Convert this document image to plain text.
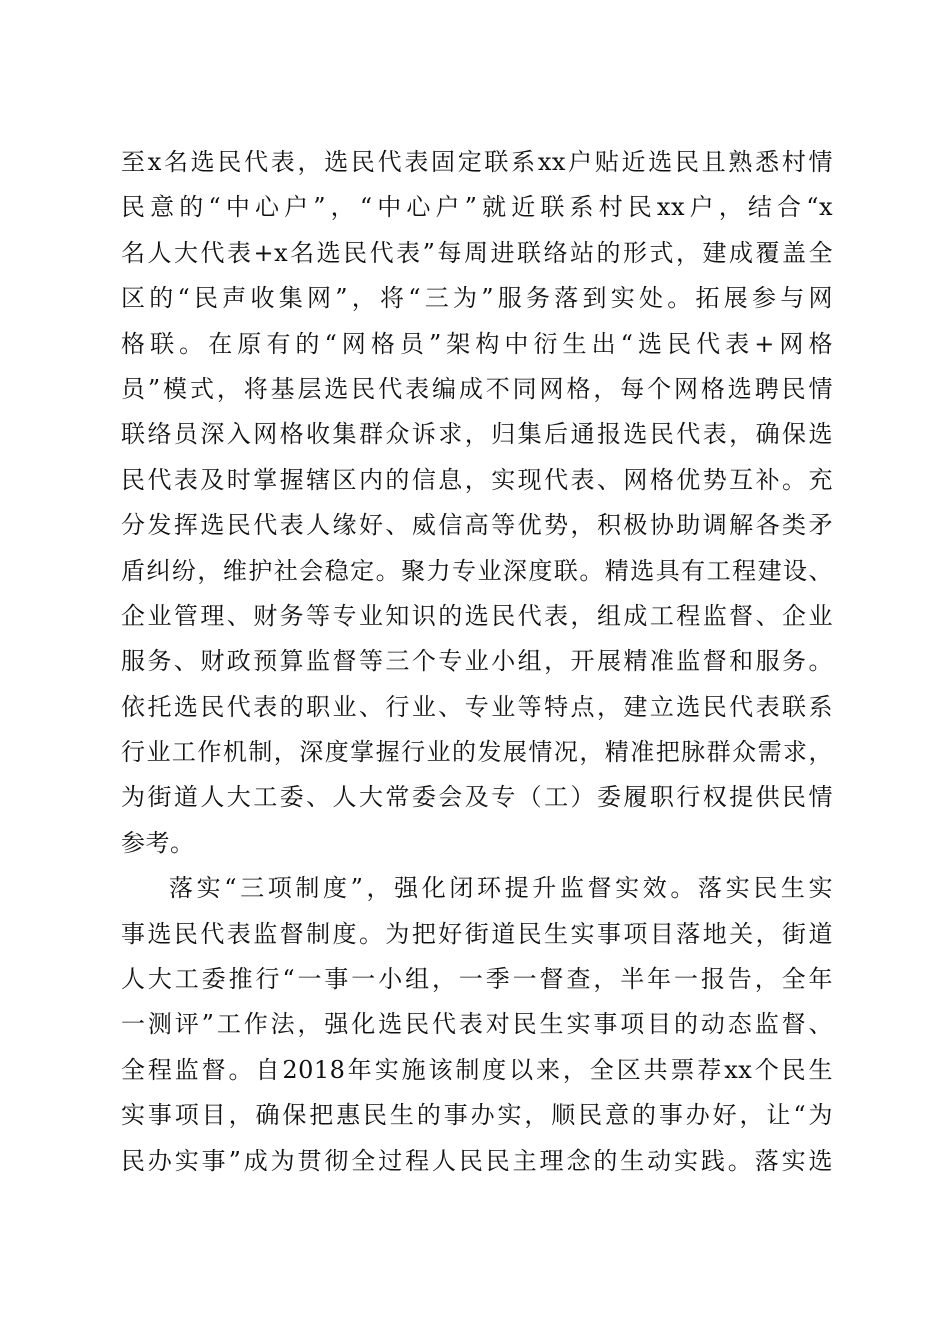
至x名选民代表，选民代表固定联系xx户贴近选民且熟悉村情
民意的“中心户”，“中心户”就近联系村民xx户，结合“x
名人大代表+x名选民代表”每周进联络站的形式，建成覆盖全
区的“民声收集网”，将“三为”服务落到实处。拓展参与网
格联。在原有的“网格员”架构中衍生出“选民代表+网格
员”模式，将基层选民代表编成不同网格，每个网格选聘民情
联络员深入网格收集群众诉求，归集后通报选民代表，确保选
民代表及时掌握辖区内的信息，实现代表、网格优势互补。充
分发挥选民代表人缘好、威信高等优势，积极协助调解各类矛
盾纠纷，维护社会稳定。聚力专业深度联。精选具有工程建设、
企业管理、财务等专业知识的选民代表，组成工程监督、企业
服务、财政预算监督等三个专业小组，开展精准监督和服务。
依托选民代表的职业、行业、专业等特点，建立选民代表联系
行业工作机制，深度掌握行业的发展情况，精准把脉群众需求，
为街道人大工委、人大常委会及专（工）委履职行权提供民情
参考。
落实“三项制度”，强化闭环提升监督实效。落实民生实
事选民代表监督制度。为把好街道民生实事项目落地关，街道
人大工委推行“一事一小组，一季一督查，半年一报告，全年
一测评”工作法，强化选民代表对民生实事项目的动态监督、
全程监督。自2018年实施该制度以来，全区共票荐xx个民生
实事项目，确保把惠民生的事办实，顺民意的事办好，让“为
民办实事”成为贯彻全过程人民民主理念的生动实践。落实选
